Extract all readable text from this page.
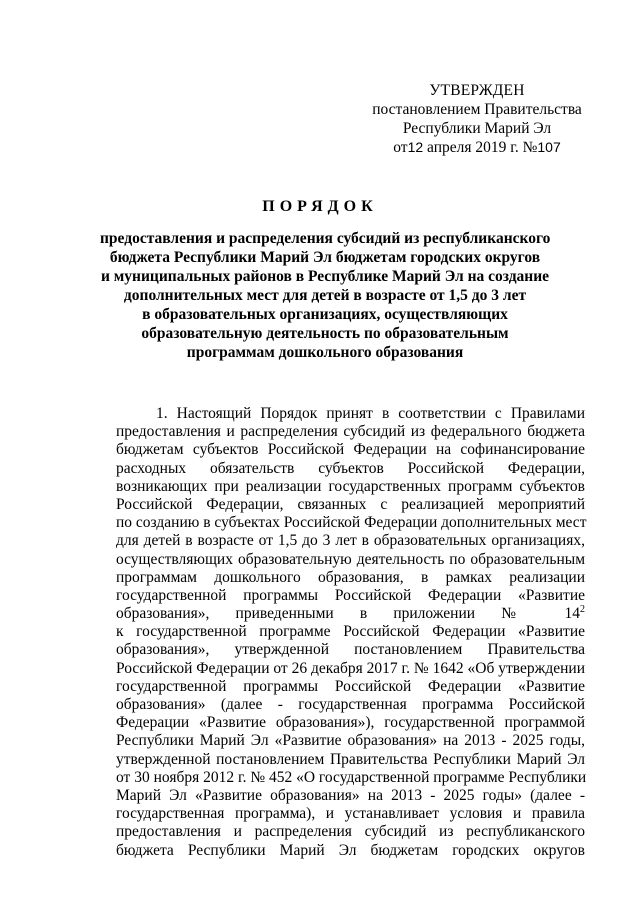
УТВЕРЖДЕН
постановлением Правительства
Республики Марий Эл
от12 апреля 2019 г. №107
ПОРЯДОК
предоставления и распределения субсидий из республиканского
бюджета Республики Марий Эл бюджетам городских округов
и муниципальных районов в Республике Марий Эл на создание
дополнительных мест для детей в возрасте от 1,5 до 3 лет
в образовательных организациях, осуществляющих
образовательную деятельность по образовательным
программам дошкольного образования
1. Настоящий Порядок принят в соответствии с Правилами
предоставления и распределения субсидий из федерального бюджета
бюджетам субъектов Российской Федерации на софинансирование
расходных обязательств субъектов Российской Федерации,
возникающих при реализации государственных программ субъектов
Российской Федерации, связанных с реализацией мероприятий
по созданию в субъектах Российской Федерации дополнительных мест
для детей в возрасте от 1,5 до 3 лет в образовательных организациях,
осуществляющих образовательную деятельность по образовательным
программам дошкольного образования, в рамках реализации
государственной программы Российской Федерации «Развитие
образования», приведенными в приложении № $14^2$
к государственной программе Российской Федерации «Развитие
образования», утвержденной постановлением Правительства
Российской Федерации от 26 декабря 2017 г. № 1642 «Об утверждении
государственной программы Российской Федерации «Развитие
образования» (далее - государственная программа Российской
Федерации «Развитие образования»), государственной программой
Республики Марий Эл «Развитие образования» на 2013 - 2025 годы,
утвержденной постановлением Правительства Республики Марий Эл
от 30 ноября 2012 г. № 452 «О государственной программе Республики
Марий Эл «Развитие образования» на 2013 - 2025 годы» (далее -
государственная программа), и устанавливает условия и правила
предоставления и распределения субсидий из республиканского
бюджета Республики Марий Эл бюджетам городских округов
